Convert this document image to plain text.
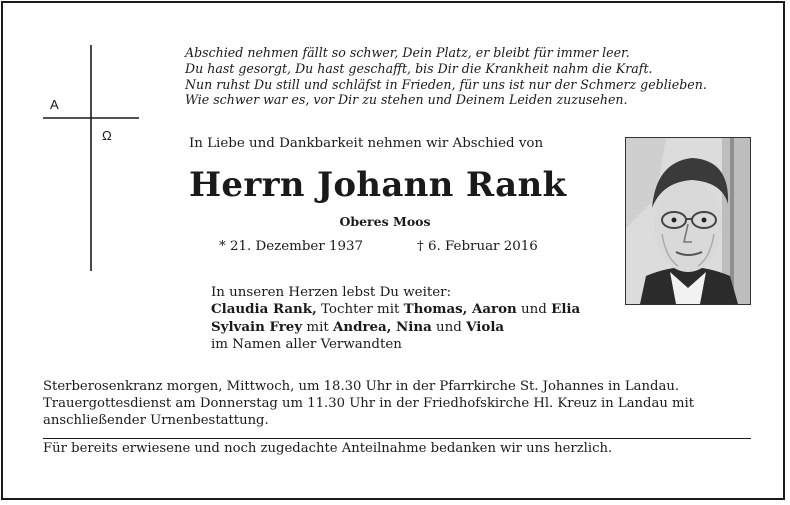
A
Ω
Abschied nehmen fällt so schwer, Dein Platz, er bleibt für immer leer.
Du hast gesorgt, Du hast geschafft, bis Dir die Krankheit nahm die Kraft.
Nun ruhst Du still und schläfst in Frieden, für uns ist nur der Schmerz geblieben.
Wie schwer war es, vor Dir zu stehen und Deinem Leiden zuzusehen.
In Liebe und Dankbarkeit nehmen wir Abschied von
Herrn Johann Rank
Oberes Moos
* 21. Dezember 1937	† 6. Februar 2016
In unseren Herzen lebst Du weiter:
Claudia Rank, Tochter mit Thomas, Aaron und Elia
Sylvain Frey mit Andrea, Nina und Viola
im Namen aller Verwandten
Sterberosenkranz morgen, Mittwoch, um 18.30 Uhr in der Pfarrkirche St. Johannes in Landau.
Trauergottesdienst am Donnerstag um 11.30 Uhr in der Friedhofskirche Hl. Kreuz in Landau mit
anschließender Urnenbestattung.
Für bereits erwiesene und noch zugedachte Anteilnahme bedanken wir uns herzlich.
